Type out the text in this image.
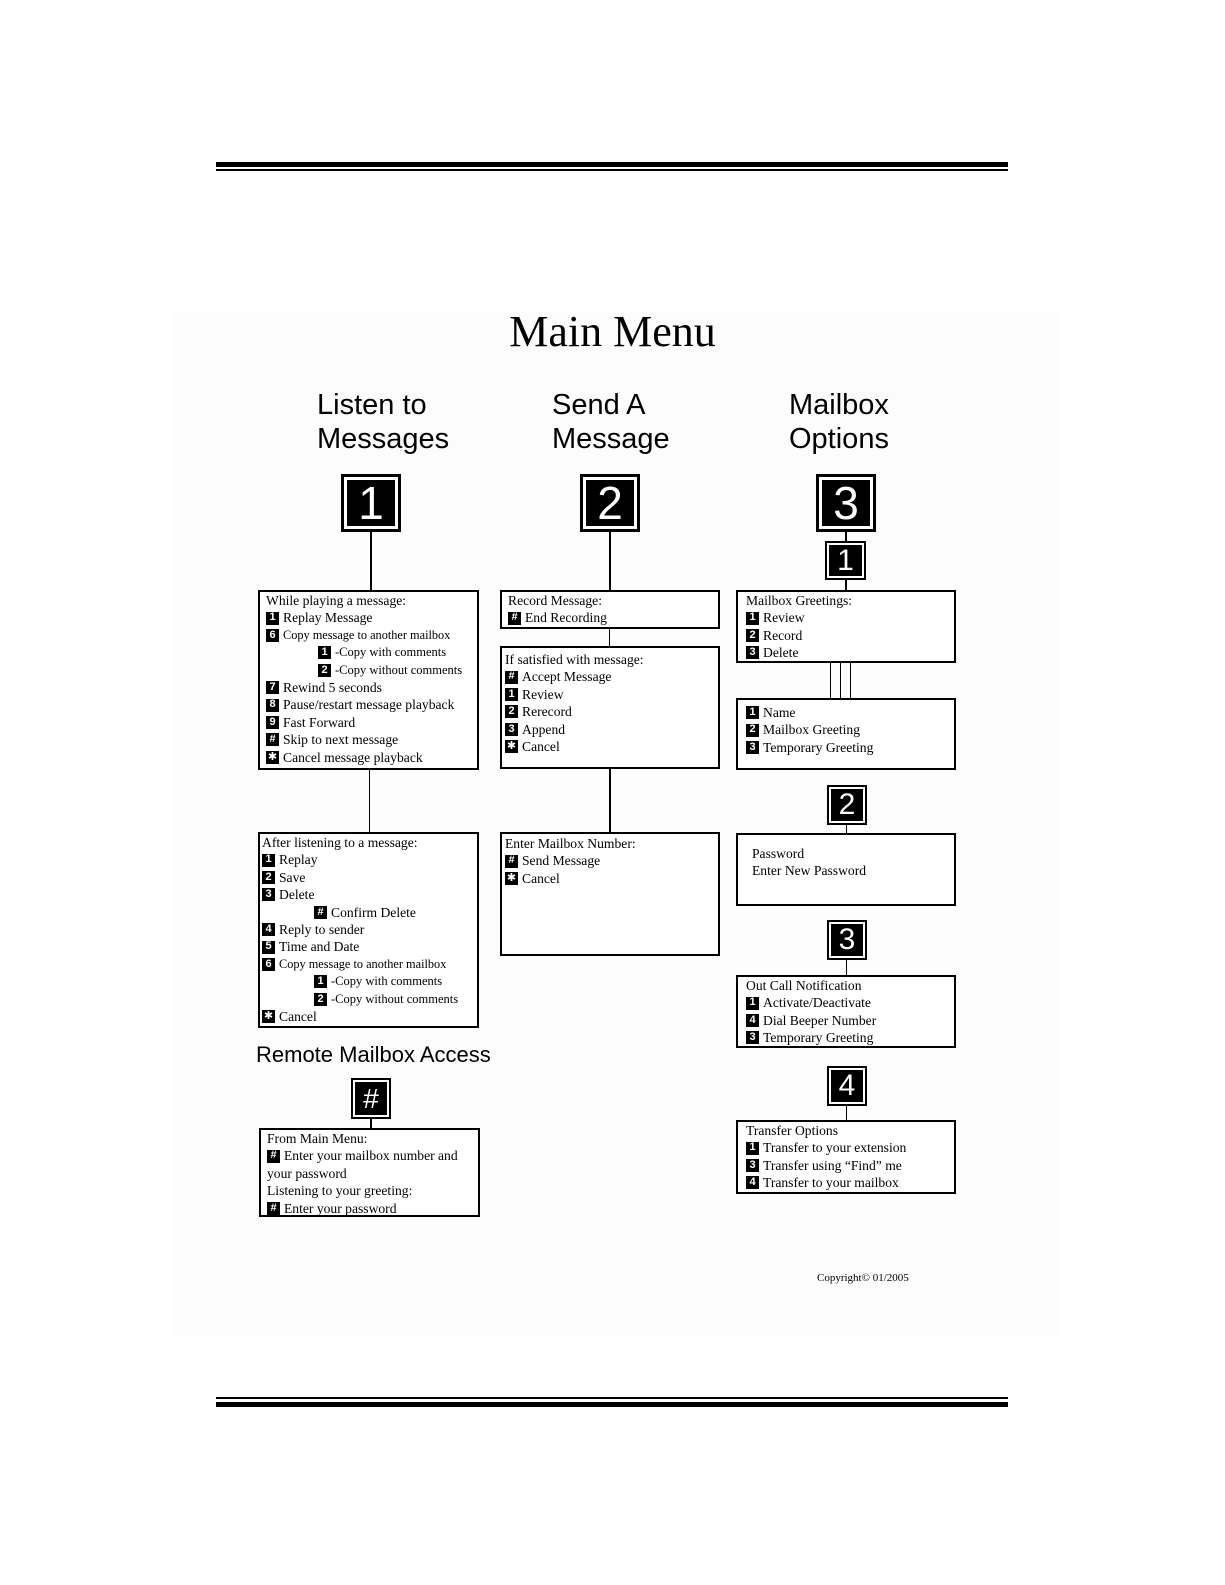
Main Menu
Listen to
Messages
Send A
Message
Mailbox
Options
1	2	3
While playing a message:
1 Replay Message
6 Copy message to another mailbox
1 -Copy with comments
2 -Copy without comments
7 Rewind 5 seconds
8 Pause/restart message playback
9 Fast Forward
# Skip to next message
✱ Cancel message playback
After listening to a message:
1 Replay
2 Save
3 Delete
# Confirm Delete
4 Reply to sender
5 Time and Date
6 Copy message to another mailbox
1 -Copy with comments
2 -Copy without comments
✱ Cancel
Remote Mailbox Access
#
From Main Menu:
# Enter your mailbox number and
your password
Listening to your greeting:
# Enter your password
Record Message:
# End Recording
If satisfied with message:
# Accept Message
1 Review
2 Rerecord
3 Append
✱ Cancel
Enter Mailbox Number:
# Send Message
✱ Cancel
1
Mailbox Greetings:
1 Review
2 Record
3 Delete
1 Name
2 Mailbox Greeting
3 Temporary Greeting
2
Password
Enter New Password
3
Out Call Notification
1 Activate/Deactivate
4 Dial Beeper Number
3 Temporary Greeting
4
Transfer Options
1 Transfer to your extension
3 Transfer using “Find” me
4 Transfer to your mailbox
Copyright© 01/2005
